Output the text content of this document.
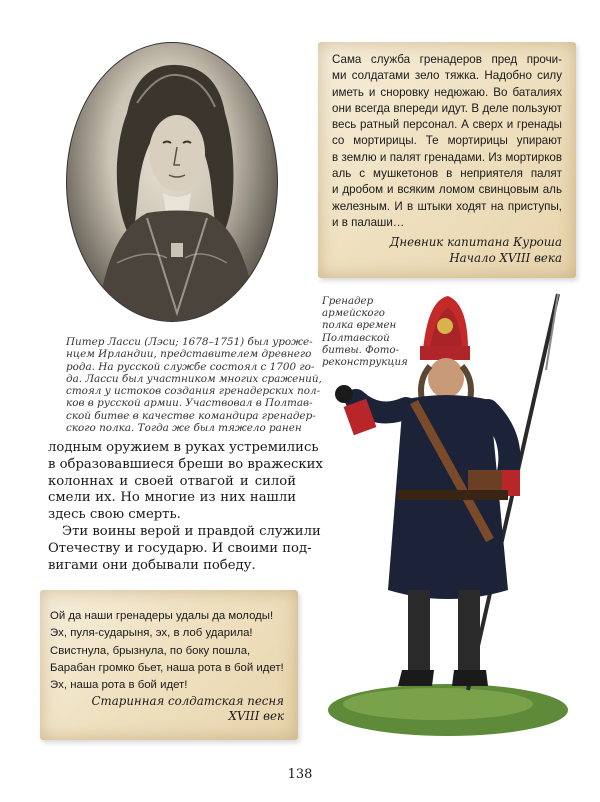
Сама служба гренадеров пред прочи-
ми солдатами зело тяжка. Надобно силу
иметь и сноровку недюжаю. Во баталиях
они всегда впереди идут. В деле пользуют
весь ратный персонал. А сверх и гренады
со мортирицы. Те мортирицы упирают
в землю и палят гренадами. Из мортирков
аль с мушкетонов в неприятеля палят
и дробом и всяким ломом свинцовым аль
железным. И в штыки ходят на приступы,
и в палаши…
Дневник капитана Куроша
Начало XVIII века
Гренадер
армейского
полка времен
Полтавской
битвы. Фото-
реконструкция
Питер Ласси (Лэси; 1678–1751) был уроже-
нцем Ирландии, представителем древнего
рода. На русской службе состоял с 1700 го-
да. Ласси был участником многих сражений,
стоял у истоков создания гренадерских пол-
ков в русской армии. Участвовал в Полтав-
ской битве в качестве командира гренадер-
ского полка. Тогда же был тяжело ранен
лодным оружием в руках устремились
в образовавшиеся бреши во вражеских
колоннах и своей отвагой и силой
смели их. Но многие из них нашли
здесь свою смерть.
Эти воины верой и правдой служили
Отечеству и государю. И своими под-
вигами они добывали победу.
Ой да наши гренадеры удалы да молоды!
Эх, пуля-сударыня, эх, в лоб ударила!
Свистнула, брызнула, по боку пошла,
Барабан громко бьет, наша рота в бой идет!
Эх, наша рота в бой идет!
Старинная солдатская песня
XVIII век
138
